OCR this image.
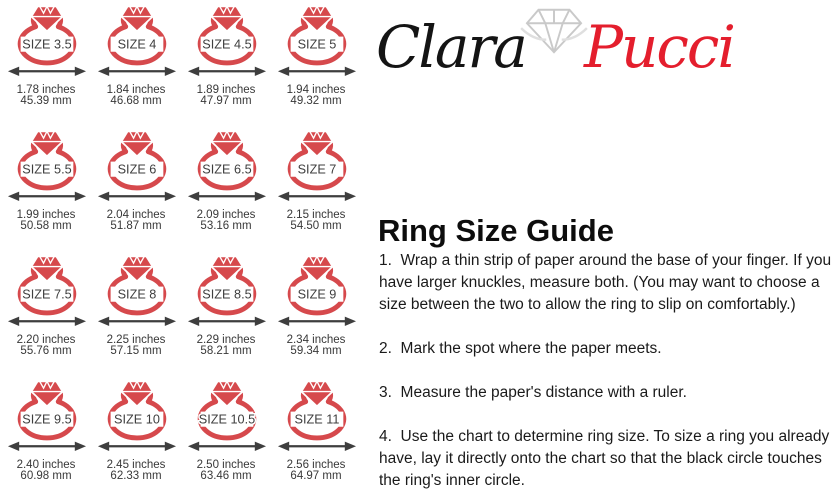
SIZE 3.5
1.78 inches
45.39 mm
SIZE 4
1.84 inches
46.68 mm
SIZE 4.5
1.89 inches
47.97 mm
SIZE 5
1.94 inches
49.32 mm
SIZE 5.5
1.99 inches
50.58 mm
SIZE 6
2.04 inches
51.87 mm
SIZE 6.5
2.09 inches
53.16 mm
SIZE 7
2.15 inches
54.50 mm
SIZE 7.5
2.20 inches
55.76 mm
SIZE 8
2.25 inches
57.15 mm
SIZE 8.5
2.29 inches
58.21 mm
SIZE 9
2.34 inches
59.34 mm
SIZE 9.5
2.40 inches
60.98 mm
SIZE 10
2.45 inches
62.33 mm
SIZE 10.5
2.50 inches
63.46 mm
SIZE 11
2.56 inches
64.97 mm
Clara Pucci
Ring Size Guide

1.  Wrap a thin strip of paper around the base of your finger. If you have larger knuckles, measure both. (You may want to choose a size between the two to allow the ring to slip on comfortably.)

2.  Mark the spot where the paper meets.

3.  Measure the paper's distance with a ruler.

4.  Use the chart to determine ring size. To size a ring you already have, lay it directly onto the chart so that the black circle touches the ring's inner circle.
